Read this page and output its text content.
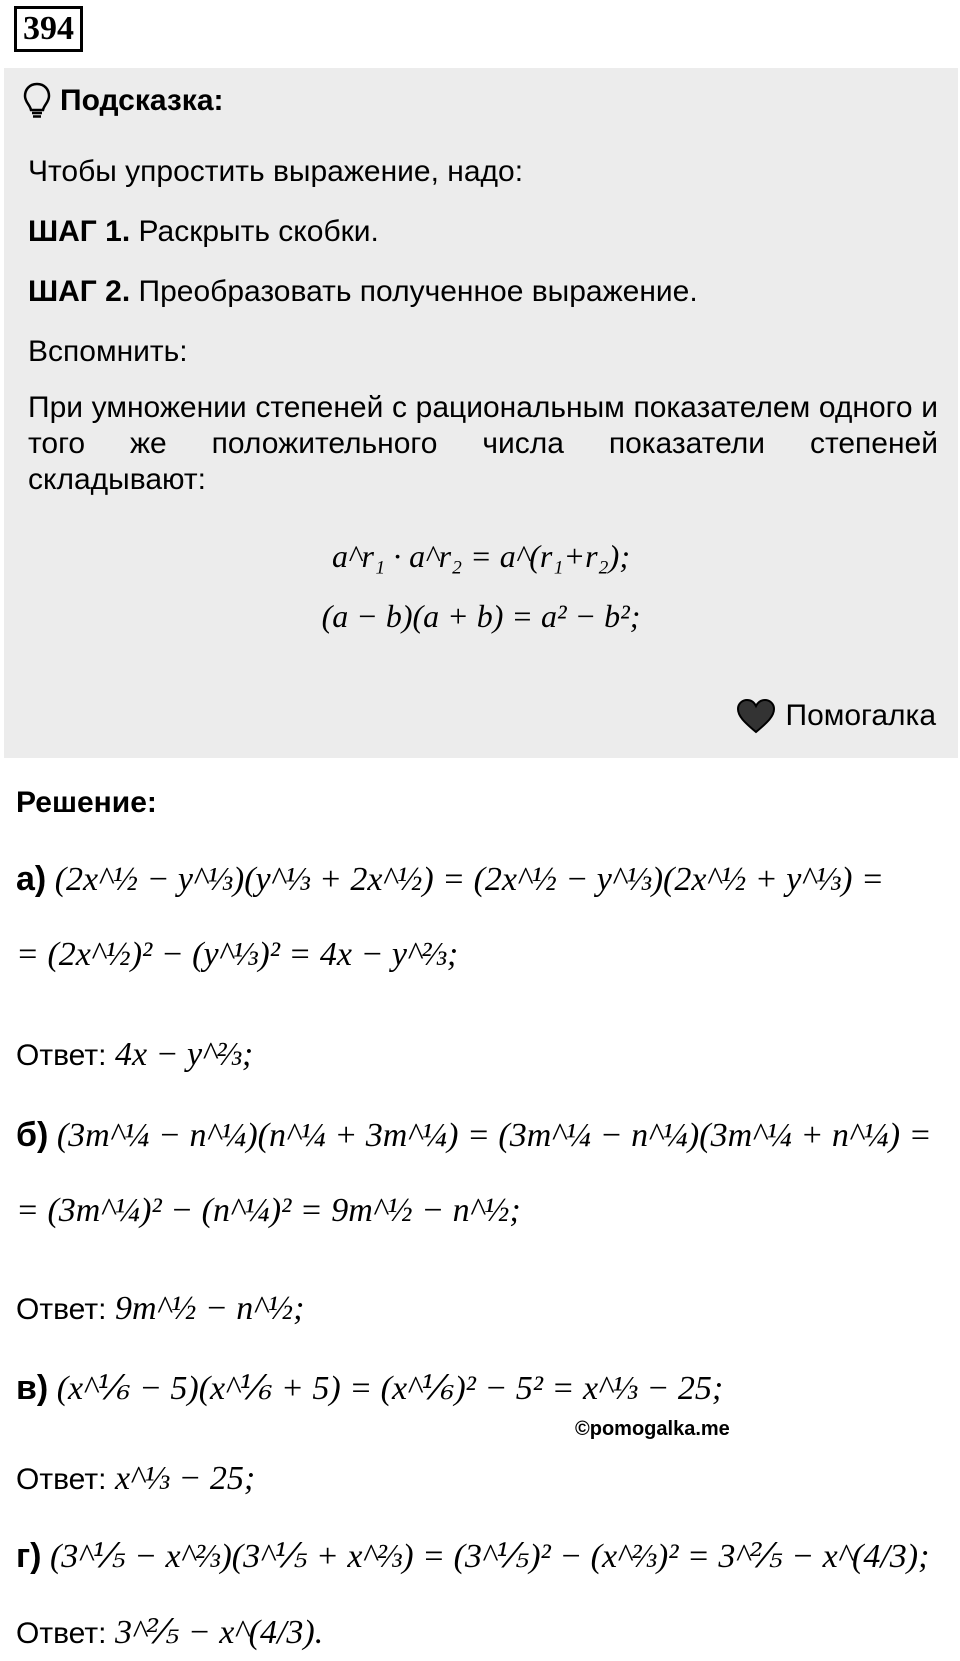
394
Подсказка:

Чтобы упростить выражение, надо:

ШАГ 1. Раскрыть скобки.

ШАГ 2. Преобразовать полученное выражение.

Вспомнить:

При умножении степеней с рациональным показателем одного и того же положительного числа показатели степеней складывают:

a^r₁ · a^r₂ = a^(r₁+r₂);
(a − b)(a + b) = a² − b²;
Помогалка

Решение:

а) (2x^½ − y^⅓)(y^⅓ + 2x^½) = (2x^½ − y^⅓)(2x^½ + y^⅓) =
= (2x^½)² − (y^⅓)² = 4x − y^⅔;
Ответ: 4x − y^⅔;
б) (3m^¼ − n^¼)(n^¼ + 3m^¼) = (3m^¼ − n^¼)(3m^¼ + n^¼) =
= (3m^¼)² − (n^¼)² = 9m^½ − n^½;
Ответ: 9m^½ − n^½;
в) (x^⅙ − 5)(x^⅙ + 5) = (x^⅙)² − 5² = x^⅓ − 25;
©pomogalka.me
Ответ: x^⅓ − 25;
г) (3^⅕ − x^⅔)(3^⅕ + x^⅔) = (3^⅕)² − (x^⅔)² = 3^⅖ − x^(4/3);
Ответ: 3^⅖ − x^(4/3).
